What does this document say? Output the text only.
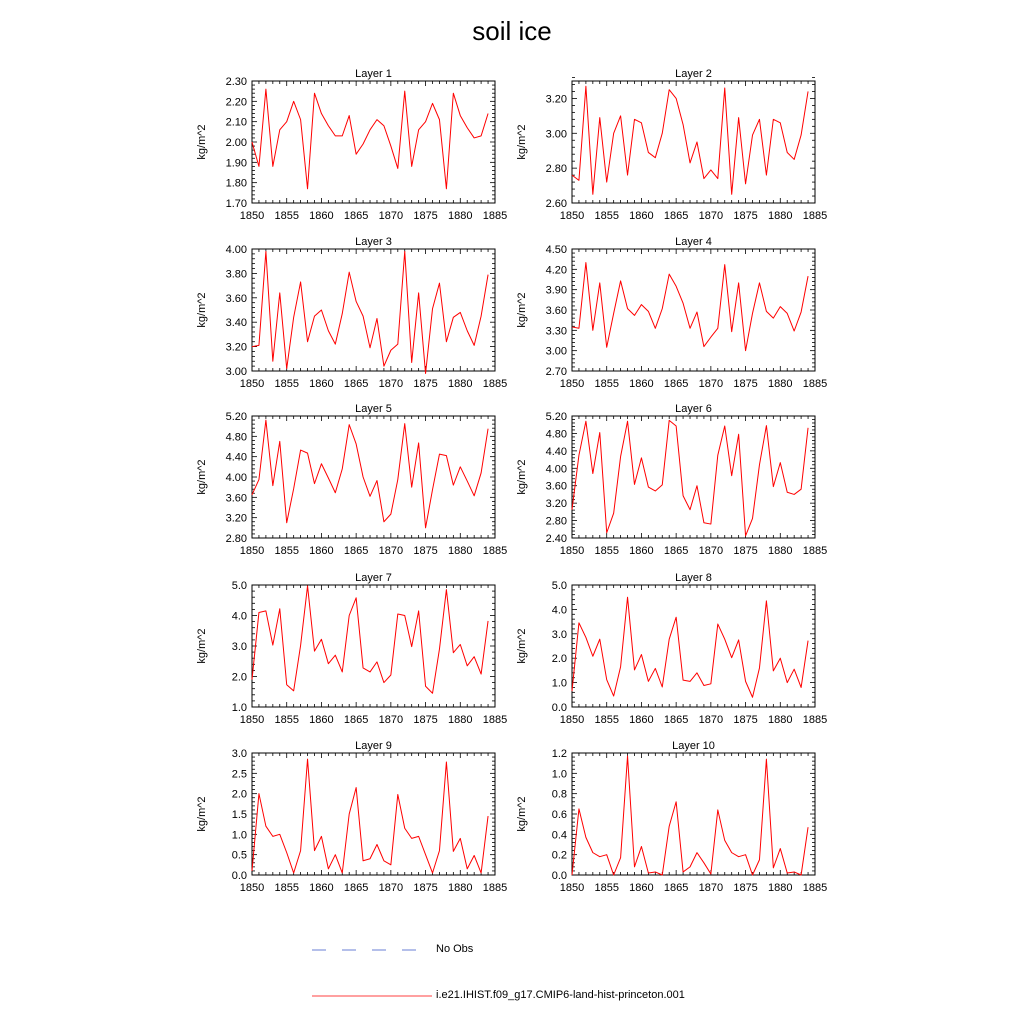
soil ice
Layer 1
kg/m^2
1.70
1.80
1.90
2.00
2.10
2.20
2.30
1850 1855 1860 1865 1870 1875 1880 1885
Layer 2
kg/m^2
2.60
2.80
3.00
3.20
1850 1855 1860 1865 1870 1875 1880 1885
Layer 3
kg/m^2
3.00
3.20
3.40
3.60
3.80
4.00
1850 1855 1860 1865 1870 1875 1880 1885
Layer 4
kg/m^2
2.70
3.00
3.30
3.60
3.90
4.20
4.50
1850 1855 1860 1865 1870 1875 1880 1885
Layer 5
kg/m^2
2.80
3.20
3.60
4.00
4.40
4.80
5.20
1850 1855 1860 1865 1870 1875 1880 1885
Layer 6
kg/m^2
2.40
2.80
3.20
3.60
4.00
4.40
4.80
5.20
1850 1855 1860 1865 1870 1875 1880 1885
Layer 7
kg/m^2
1.0
2.0
3.0
4.0
5.0
1850 1855 1860 1865 1870 1875 1880 1885
Layer 8
kg/m^2
0.0
1.0
2.0
3.0
4.0
5.0
1850 1855 1860 1865 1870 1875 1880 1885
Layer 9
kg/m^2
0.0
0.5
1.0
1.5
2.0
2.5
3.0
1850 1855 1860 1865 1870 1875 1880 1885
Layer 10
kg/m^2
0.0
0.2
0.4
0.6
0.8
1.0
1.2
1850 1855 1860 1865 1870 1875 1880 1885
No Obs
i.e21.IHIST.f09_g17.CMIP6-land-hist-princeton.001
